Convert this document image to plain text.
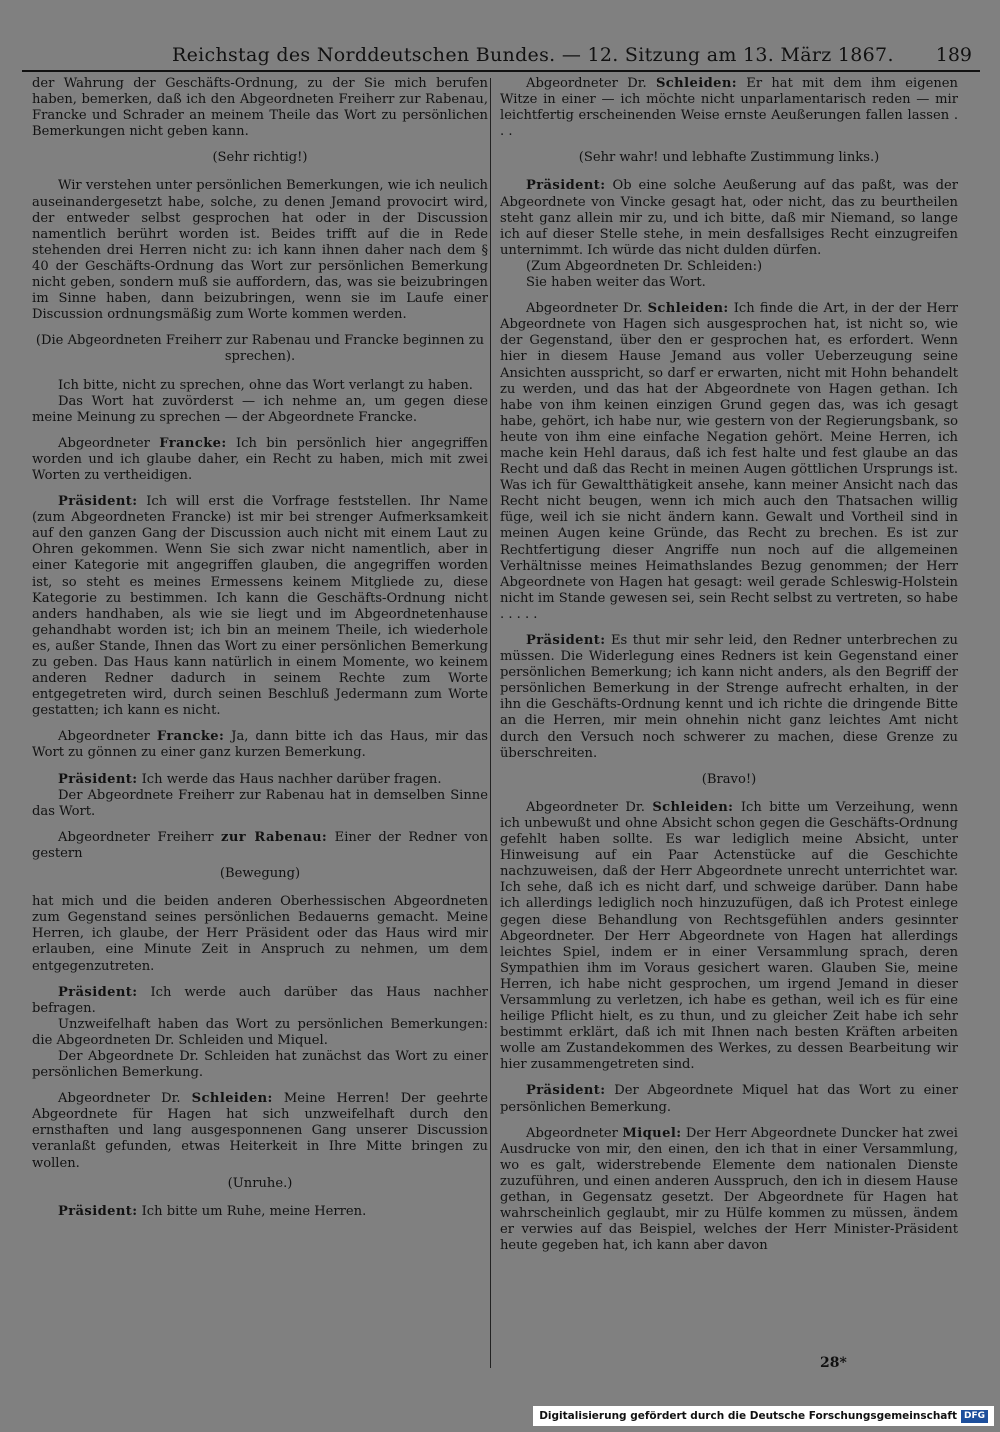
Reichstag des Norddeutschen Bundes. — 12. Sitzung am 13. März 1867. 189

der Wahrung der Geschäfts-Ordnung, zu der Sie mich berufen haben, bemerken, daß ich den Abgeordneten Freiherr zur Rabenau, Francke und Schrader an meinem Theile das Wort zu persönlichen Bemerkungen nicht geben kann.

(Sehr richtig!)

Wir verstehen unter persönlichen Bemerkungen, wie ich neulich auseinandergesetzt habe, solche, zu denen Jemand provocirt wird, der entweder selbst gesprochen hat oder in der Discussion namentlich berührt worden ist. Beides trifft auf die in Rede stehenden drei Herren nicht zu: ich kann ihnen daher nach dem § 40 der Geschäfts-Ordnung das Wort zur persönlichen Bemerkung nicht geben, sondern muß sie auffordern, das, was sie beizubringen im Sinne haben, dann beizubringen, wenn sie im Laufe einer Discussion ordnungsmäßig zum Worte kommen werden.

(Die Abgeordneten Freiherr zur Rabenau und Francke beginnen zu sprechen).

Ich bitte, nicht zu sprechen, ohne das Wort verlangt zu haben.

Das Wort hat zuvörderst — ich nehme an, um gegen diese meine Meinung zu sprechen — der Abgeordnete Francke.

Abgeordneter Francke: Ich bin persönlich hier angegriffen worden und ich glaube daher, ein Recht zu haben, mich mit zwei Worten zu vertheidigen.

Präsident: Ich will erst die Vorfrage feststellen. Ihr Name (zum Abgeordneten Francke) ist mir bei strenger Aufmerksamkeit auf den ganzen Gang der Discussion auch nicht mit einem Laut zu Ohren gekommen. Wenn Sie sich zwar nicht namentlich, aber in einer Kategorie mit angegriffen glauben, die angegriffen worden ist, so steht es meines Ermessens keinem Mitgliede zu, diese Kategorie zu bestimmen. Ich kann die Geschäfts-Ordnung nicht anders handhaben, als wie sie liegt und im Abgeordnetenhause gehandhabt worden ist; ich bin an meinem Theile, ich wiederhole es, außer Stande, Ihnen das Wort zu einer persönlichen Bemerkung zu geben. Das Haus kann natürlich in einem Momente, wo keinem anderen Redner dadurch in seinem Rechte zum Worte entgegetreten wird, durch seinen Beschluß Jedermann zum Worte gestatten; ich kann es nicht.

Abgeordneter Francke: Ja, dann bitte ich das Haus, mir das Wort zu gönnen zu einer ganz kurzen Bemerkung.

Präsident: Ich werde das Haus nachher darüber fragen.

Der Abgeordnete Freiherr zur Rabenau hat in demselben Sinne das Wort.

Abgeordneter Freiherr zur Rabenau: Einer der Redner von gestern

(Bewegung)

hat mich und die beiden anderen Oberhessischen Abgeordneten zum Gegenstand seines persönlichen Bedauerns gemacht. Meine Herren, ich glaube, der Herr Präsident oder das Haus wird mir erlauben, eine Minute Zeit in Anspruch zu nehmen, um dem entgegenzutreten.

Präsident: Ich werde auch darüber das Haus nachher befragen.

Unzweifelhaft haben das Wort zu persönlichen Bemerkungen: die Abgeordneten Dr. Schleiden und Miquel.

Der Abgeordnete Dr. Schleiden hat zunächst das Wort zu einer persönlichen Bemerkung.

Abgeordneter Dr. Schleiden: Meine Herren! Der geehrte Abgeordnete für Hagen hat sich unzweifelhaft durch den ernsthaften und lang ausgesponnenen Gang unserer Discussion veranlaßt gefunden, etwas Heiterkeit in Ihre Mitte bringen zu wollen.

(Unruhe.)

Präsident: Ich bitte um Ruhe, meine Herren.

Abgeordneter Dr. Schleiden: Er hat mit dem ihm eigenen Witze in einer — ich möchte nicht unparlamentarisch reden — mir leichtfertig erscheinenden Weise ernste Aeußerungen fallen lassen . . .

(Sehr wahr! und lebhafte Zustimmung links.)

Präsident: Ob eine solche Aeußerung auf das paßt, was der Abgeordnete von Vincke gesagt hat, oder nicht, das zu beurtheilen steht ganz allein mir zu, und ich bitte, daß mir Niemand, so lange ich auf dieser Stelle stehe, in mein desfallsiges Recht einzugreifen unternimmt. Ich würde das nicht dulden dürfen.

(Zum Abgeordneten Dr. Schleiden:)

Sie haben weiter das Wort.

Abgeordneter Dr. Schleiden: Ich finde die Art, in der der Herr Abgeordnete von Hagen sich ausgesprochen hat, ist nicht so, wie der Gegenstand, über den er gesprochen hat, es erfordert. Wenn hier in diesem Hause Jemand aus voller Ueberzeugung seine Ansichten ausspricht, so darf er erwarten, nicht mit Hohn behandelt zu werden, und das hat der Abgeordnete von Hagen gethan. Ich habe von ihm keinen einzigen Grund gegen das, was ich gesagt habe, gehört, ich habe nur, wie gestern von der Regierungsbank, so heute von ihm eine einfache Negation gehört. Meine Herren, ich mache kein Hehl daraus, daß ich fest halte und fest glaube an das Recht und daß das Recht in meinen Augen göttlichen Ursprungs ist. Was ich für Gewaltthätigkeit ansehe, kann meiner Ansicht nach das Recht nicht beugen, wenn ich mich auch den Thatsachen willig füge, weil ich sie nicht ändern kann. Gewalt und Vortheil sind in meinen Augen keine Gründe, das Recht zu brechen. Es ist zur Rechtfertigung dieser Angriffe nun noch auf die allgemeinen Verhältnisse meines Heimathslandes Bezug genommen; der Herr Abgeordnete von Hagen hat gesagt: weil gerade Schleswig-Holstein nicht im Stande gewesen sei, sein Recht selbst zu vertreten, so habe . . . . .

Präsident: Es thut mir sehr leid, den Redner unterbrechen zu müssen. Die Widerlegung eines Redners ist kein Gegenstand einer persönlichen Bemerkung; ich kann nicht anders, als den Begriff der persönlichen Bemerkung in der Strenge aufrecht erhalten, in der ihn die Geschäfts-Ordnung kennt und ich richte die dringende Bitte an die Herren, mir mein ohnehin nicht ganz leichtes Amt nicht durch den Versuch noch schwerer zu machen, diese Grenze zu überschreiten.

(Bravo!)

Abgeordneter Dr. Schleiden: Ich bitte um Verzeihung, wenn ich unbewußt und ohne Absicht schon gegen die Geschäfts-Ordnung gefehlt haben sollte. Es war lediglich meine Absicht, unter Hinweisung auf ein Paar Actenstücke auf die Geschichte nachzuweisen, daß der Herr Abgeordnete unrecht unterrichtet war. Ich sehe, daß ich es nicht darf, und schweige darüber. Dann habe ich allerdings lediglich noch hinzuzufügen, daß ich Protest einlege gegen diese Behandlung von Rechtsgefühlen anders gesinnter Abgeordneter. Der Herr Abgeordnete von Hagen hat allerdings leichtes Spiel, indem er in einer Versammlung sprach, deren Sympathien ihm im Voraus gesichert waren. Glauben Sie, meine Herren, ich habe nicht gesprochen, um irgend Jemand in dieser Versammlung zu verletzen, ich habe es gethan, weil ich es für eine heilige Pflicht hielt, es zu thun, und zu gleicher Zeit habe ich sehr bestimmt erklärt, daß ich mit Ihnen nach besten Kräften arbeiten wolle am Zustandekommen des Werkes, zu dessen Bearbeitung wir hier zusammengetreten sind.

Präsident: Der Abgeordnete Miquel hat das Wort zu einer persönlichen Bemerkung.

Abgeordneter Miquel: Der Herr Abgeordnete Duncker hat zwei Ausdrucke von mir, den einen, den ich that in einer Versammlung, wo es galt, widerstrebende Elemente dem nationalen Dienste zuzuführen, und einen anderen Ausspruch, den ich in diesem Hause gethan, in Gegensatz gesetzt. Der Abgeordnete für Hagen hat wahrscheinlich geglaubt, mir zu Hülfe kommen zu müssen, ändem er verwies auf das Beispiel, welches der Herr Minister-Präsident heute gegeben hat, ich kann aber davon

28*
Digitalisierung gefördert durch die Deutsche Forschungsgemeinschaft DFG
